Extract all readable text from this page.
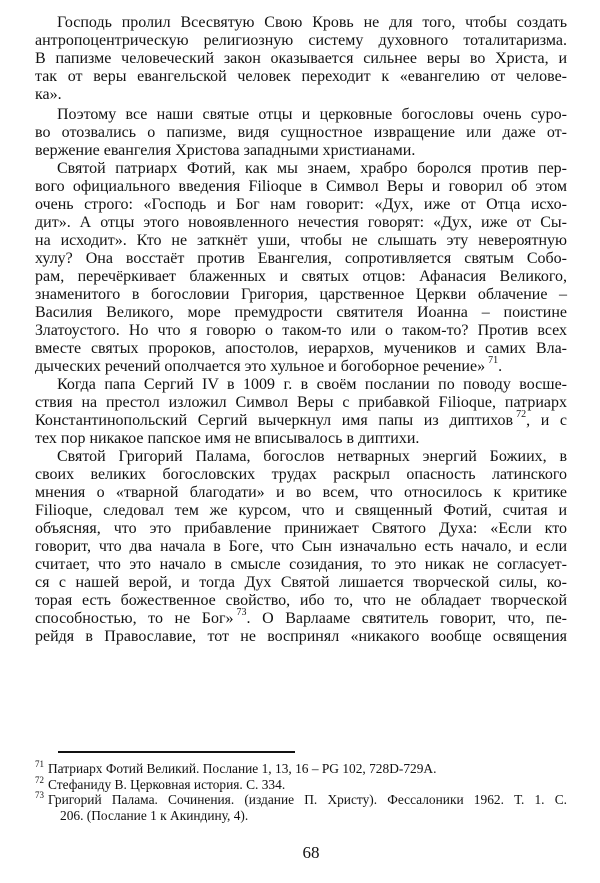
Господь пролил Всесвятую Свою Кровь не для того, чтобы создать
антропоцентрическую религиозную систему духовного тоталитаризма.
В папизме человеческий закон оказывается сильнее веры во Христа, и
так от веры евангельской человек переходит к «евангелию от челове-
ка».
Поэтому все наши святые отцы и церковные богословы очень суро-
во отозвались о папизме, видя сущностное извращение или даже от-
вержение евангелия Христова западными христианами.
Святой патриарх Фотий, как мы знаем, храбро боролся против пер-
вого официального введения Filioque в Символ Веры и говорил об этом
очень строго: «Господь и Бог нам говорит: «Дух, иже от Отца исхо-
дит». А отцы этого новоявленного нечестия говорят: «Дух, иже от Сы-
на исходит». Кто не заткнёт уши, чтобы не слышать эту невероятную
хулу? Она восстаёт против Евангелия, сопротивляется святым Собо-
рам, перечёркивает блаженных и святых отцов: Афанасия Великого,
знаменитого в богословии Григория, царственное Церкви облачение –
Василия Великого, море премудрости святителя Иоанна – поистине
Златоустого. Но что я говорю о таком-то или о таком-то? Против всех
вместе святых пророков, апостолов, иерархов, мучеников и самих Вла-
дыческих речений ополчается это хульное и богоборное речение» $^{71}$.
Когда папа Сергий IV в 1009 г. в своём послании по поводу восше-
ствия на престол изложил Символ Веры с прибавкой Filioque, патриарх
Константинопольский Сергий вычеркнул имя папы из диптихов $^{72}$, и с
тех пор никакое папское имя не вписывалось в диптихи.
Святой Григорий Палама, богослов нетварных энергий Божиих, в
своих великих богословских трудах раскрыл опасность латинского
мнения о «тварной благодати» и во всем, что относилось к критике
Filioque, следовал тем же курсом, что и священный Фотий, считая и
объясняя, что это прибавление принижает Святого Духа: «Если кто
говорит, что два начала в Боге, что Сын изначально есть начало, и если
считает, что это начало в смысле созидания, то это никак не согласует-
ся с нашей верой, и тогда Дух Святой лишается творческой силы, ко-
торая есть божественное свойство, ибо то, что не обладает творческой
способностью, то не Бог» $^{73}$. О Варлааме святитель говорит, что, пе-
рейдя в Православие, тот не воспринял «никакого вообще освящения
71 Патриарх Фотий Великий. Послание 1, 13, 16 – PG 102, 728D-729A.
72 Стефаниду В. Церковная история. С. 334.
73 Григорий Палама. Сочинения. (издание П. Христу). Фессалоники 1962. Т. 1. С.
206. (Послание 1 к Акиндину, 4).
68
